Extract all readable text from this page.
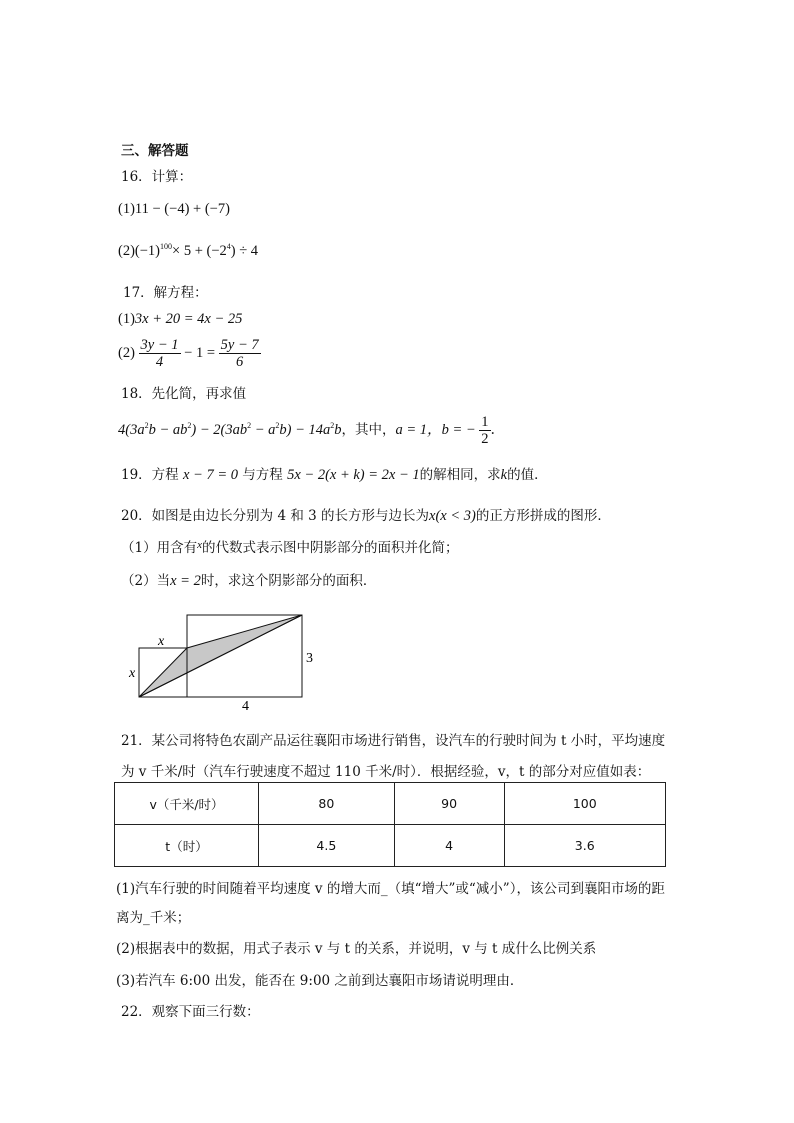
三、解答题
16．计算：
(1)11 − (−4) + (−7)
$(2)(-1)^{100}\times 5 + (-2^4) \div 4$
17．解方程：
(1)3x + 20 = 4x − 25
$(2) \frac{3y - 1}{4} - 1 = \frac{5y - 7}{6}$
18．先化简，再求值
$4(3a^2b - ab^2) - 2(3ab^2 - a^2b) - 14a^2b$，其中，a = 1，b = − $\frac{1}{2}$ ．
19．方程 x − 7 = 0 与方程 5x − 2(x + k) = 2x − 1的解相同，求k的值．
20．如图是由边长分别为 4 和 3 的长方形与边长为x(x < 3)的正方形拼成的图形．
（1）用含有$^x$的代数式表示图中阴影部分的面积并化简；
（2）当x = 2时，求这个阴影部分的面积．
x
x
3
4
21．某公司将特色农副产品运往襄阳市场进行销售，设汽车的行驶时间为 t 小时，平均速度
为 v 千米/时（汽车行驶速度不超过 110 千米/时）．根据经验，v，t 的部分对应值如表：
v（千米/时）	80	90	100
t（时）	4.5	4	3.6
(1)汽车行驶的时间随着平均速度 v 的增大而_（填“增大”或“减小”），该公司到襄阳市场的距
离为_千米；
(2)根据表中的数据，用式子表示 v 与 t 的关系，并说明，v 与 t 成什么比例关系
(3)若汽车 6:00 出发，能否在 9:00 之前到达襄阳市场请说明理由．
22．观察下面三行数：
